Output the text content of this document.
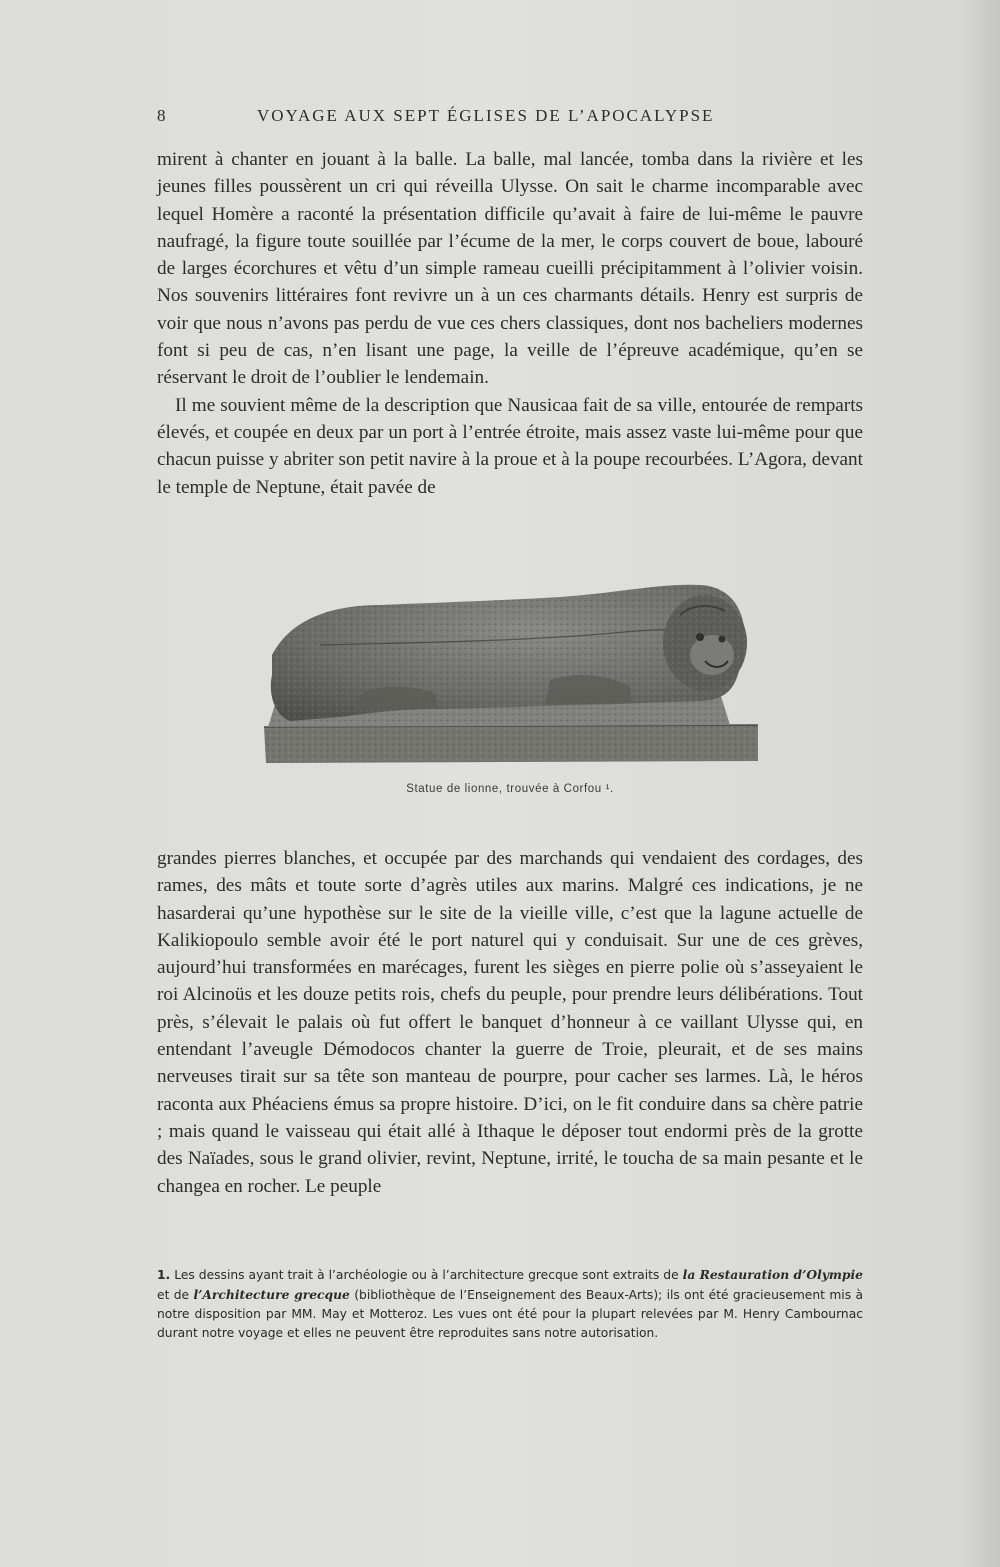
8	VOYAGE AUX SEPT ÉGLISES DE L’APOCALYPSE

mirent à chanter en jouant à la balle. La balle, mal lancée, tomba dans la rivière et les jeunes filles poussèrent un cri qui réveilla Ulysse. On sait le charme incomparable avec lequel Homère a raconté la présentation difficile qu’avait à faire de lui-même le pauvre naufragé, la figure toute souillée par l’écume de la mer, le corps couvert de boue, labouré de larges écorchures et vêtu d’un simple rameau cueilli précipitamment à l’olivier voisin. Nos souvenirs littéraires font revivre un à un ces charmants détails. Henry est surpris de voir que nous n’avons pas perdu de vue ces chers classiques, dont nos bacheliers modernes font si peu de cas, n’en lisant une page, la veille de l’épreuve académique, qu’en se réservant le droit de l’oublier le lendemain.

Il me souvient même de la description que Nausicaa fait de sa ville, entourée de remparts élevés, et coupée en deux par un port à l’entrée étroite, mais assez vaste lui-même pour que chacun puisse y abriter son petit navire à la proue et à la poupe recourbées. L’Agora, devant le temple de Neptune, était pavée de

Statue de lionne, trouvée à Corfou ¹.

grandes pierres blanches, et occupée par des marchands qui vendaient des cordages, des rames, des mâts et toute sorte d’agrès utiles aux marins. Malgré ces indications, je ne hasarderai qu’une hypothèse sur le site de la vieille ville, c’est que la lagune actuelle de Kalikiopoulo semble avoir été le port naturel qui y conduisait. Sur une de ces grèves, aujourd’hui transformées en marécages, furent les sièges en pierre polie où s’asseyaient le roi Alcinoüs et les douze petits rois, chefs du peuple, pour prendre leurs délibérations. Tout près, s’élevait le palais où fut offert le banquet d’honneur à ce vaillant Ulysse qui, en entendant l’aveugle Démodocos chanter la guerre de Troie, pleurait, et de ses mains nerveuses tirait sur sa tête son manteau de pourpre, pour cacher ses larmes. Là, le héros raconta aux Phéaciens émus sa propre histoire. D’ici, on le fit conduire dans sa chère patrie ; mais quand le vaisseau qui était allé à Ithaque le déposer tout endormi près de la grotte des Naïades, sous le grand olivier, revint, Neptune, irrité, le toucha de sa main pesante et le changea en rocher. Le peuple

1. Les dessins ayant trait à l’archéologie ou à l’architecture grecque sont extraits de la Restauration d’Olympie et de l’Architecture grecque (bibliothèque de l’Enseignement des Beaux-Arts); ils ont été gracieusement mis à notre disposition par MM. May et Motteroz. Les vues ont été pour la plupart relevées par M. Henry Cambournac durant notre voyage et elles ne peuvent être reproduites sans notre autorisation.
